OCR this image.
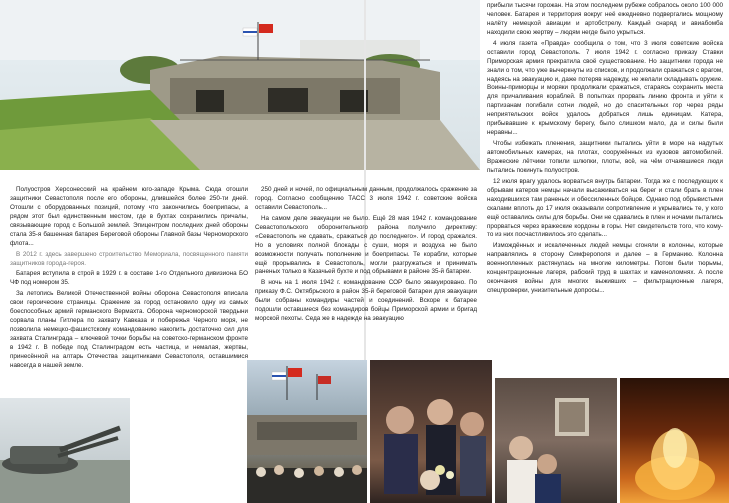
Полуостров Херсонесский на крайнем юго-западе Крыма. Сюда отошли защитники Севастополя после его обороны, длившейся более 250-ти дней. Отошли с оборудованных позиций, потому что закончились боеприпасы, а рядом этот был единственным местом, где в бухтах сохранились причалы, связывающие город с Большой землей. Эпицентром последних дней обороны стала 35-я башенная батарея Береговой обороны Главной базы Черноморского флота...

В 2012 г. здесь завершено строительство Мемориала, посвященного памяти защитников города-героя.

Батарея вступила в строй в 1929 г. в составе 1-го Отдельного дивизиона БО ЧФ под номером 35.

За летопись Великой Отечественной войны оборона Севастополя вписала свои героические страницы. Сражение за город остановило одну из самых боеспособных армий германского Вермахта. Оборона черноморской твердыни сорвала планы Гитлера по захвату Кавказа и побережья Черного моря, не позволила немецко-фашистскому командованию накопить достаточно сил для захвата Сталинграда – ключевой точки борьбы на советско-германском фронте в 1942 г. В победе под Сталинградом есть частица, и немалая, жертвы, принесённой на алтарь Отечества защитниками Севастополя, оставшимися навсегда в нашей земле.

250 дней и ночей, по официальным данным, продолжалось сражение за город. Согласно сообщению ТАСС 3 июля 1942 г. советские войска оставили Севастополь...

На самом деле эвакуации не было. Ещё 28 мая 1942 г. командование Севастопольского оборонительного района получило директиву: «Севастополь не сдавать, сражаться до последнего». И город сражался. Но в условиях полной блокады с суши, моря и воздуха не было возможности получать пополнение и боеприпасы. Те корабли, которые ещё прорывались в Севастополь, могли разгружаться и принимать раненых только в Казачьей бухте и под обрывами в районе 35-й батареи.

В ночь на 1 июля 1942 г. командование СОР было эвакуировано. По приказу Ф.С. Октябрьского в район 35-й береговой батареи для эвакуации были собраны командиры частей и соединений. Вскоре к батарее подошли оставшиеся без командиров бойцы Приморской армии и бригад морской пехоты. Седа же в надежде на эвакуацию

прибыли тысячи горожан. На этом последнем рубеже собралось около 100 000 человек. Батарея и территория вокруг неё ежедневно подвергались мощному налёту немецкой авиации и артобстрелу. Каждый снаряд и авиабомба находили свою жертву – людям негде было укрыться.

4 июля газета «Правда» сообщила о том, что 3 июля советские войска оставили город Севастополь. 7 июля 1942 г. согласно приказу Ставки Приморская армия прекратила своё существование. Но защитники города не знали о том, что уже вычеркнуты из списков, и продолжали сражаться с врагом, надеясь на эвакуацию и, даже потеряв надежду, не желали складывать оружие. Воины-приморцы и моряки продолжали сражаться, стараясь сохранить места для причаливания кораблей. В попытках прорвать линию фронта и уйти к партизанам погибали сотни людей, но до спасительных гор через ряды неприятельских войск удалось добраться лишь единицам. Катера, прибывавшие к крымскому берегу, было слишком мало, да и силы были неравны...

Чтобы избежать пленения, защитники пытались уйти в море на надутых автомобильных камерах, на плотах, сооружённых из кузовов автомобилей. Вражеские лётчики топили шлюпки, плоты, всё, на чём отчаявшиеся люди пытались покинуть полуостров.

12 июля врагу удалось ворваться внутрь батареи. Тогда же с последующих к обрывам катеров немцы начали высаживаться на берег и стали брать в плен находившихся там раненых и обессиленных бойцов. Однако под обрывистыми скалами вплоть до 17 июля оказывали сопротивление и укрывались те, у кого ещё оставались силы для борьбы. Они не сдавались в плен и ночами пытались прорваться через вражеские кордоны в горы. Нет свидетельств того, что кому-то из них посчастливилось это сделать...

Измождённых и искалеченных людей немцы сгоняли в колонны, которые направлялись в сторону Симферополя и далее – в Германию. Колонна военнопленных растянулась на многие километры. Потом были тюрьмы, концентрационные лагеря, рабский труд в шахтах и каменоломнях. А после окончания войны для многих выживших – фильтрационные лагеря, спецпроверки, унизительные допросы...
